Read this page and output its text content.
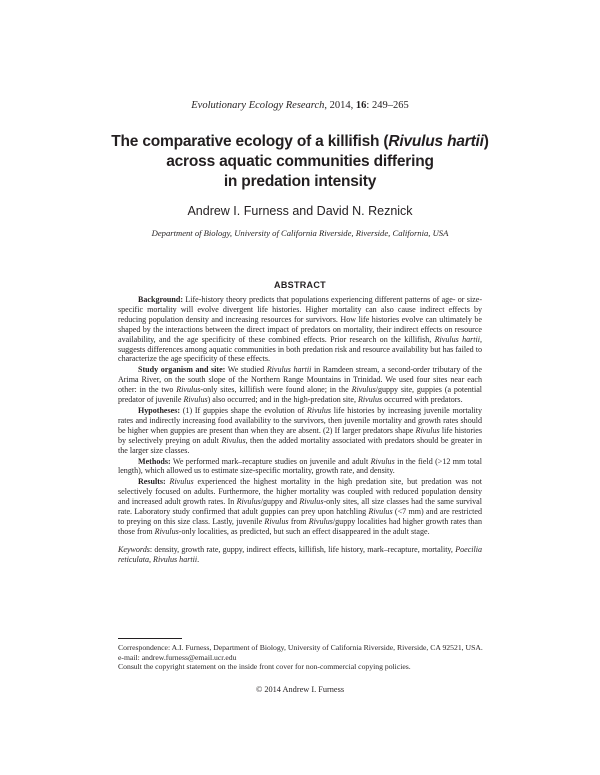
Evolutionary Ecology Research, 2014, 16: 249–265
The comparative ecology of a killifish (Rivulus hartii)
across aquatic communities differing
in predation intensity
Andrew I. Furness and David N. Reznick
Department of Biology, University of California Riverside, Riverside, California, USA
ABSTRACT

Background: Life-history theory predicts that populations experiencing different patterns of age- or size-specific mortality will evolve divergent life histories. Higher mortality can also cause indirect effects by reducing population density and increasing resources for survivors. How life histories evolve can ultimately be shaped by the interactions between the direct impact of predators on mortality, their indirect effects on resource availability, and the age specificity of these combined effects. Prior research on the killifish, Rivulus hartii, suggests differences among aquatic communities in both predation risk and resource availability but has failed to characterize the age specificity of these effects.

Study organism and site: We studied Rivulus hartii in Ramdeen stream, a second-order tributary of the Arima River, on the south slope of the Northern Range Mountains in Trinidad. We used four sites near each other: in the two Rivulus-only sites, killifish were found alone; in the Rivulus/guppy site, guppies (a potential predator of juvenile Rivulus) also occurred; and in the high-predation site, Rivulus occurred with predators.

Hypotheses: (1) If guppies shape the evolution of Rivulus life histories by increasing juvenile mortality rates and indirectly increasing food availability to the survivors, then juvenile mortality and growth rates should be higher when guppies are present than when they are absent. (2) If larger predators shape Rivulus life histories by selectively preying on adult Rivulus, then the added mortality associated with predators should be greater in the larger size classes.

Methods: We performed mark–recapture studies on juvenile and adult Rivulus in the field (>12 mm total length), which allowed us to estimate size-specific mortality, growth rate, and density.

Results: Rivulus experienced the highest mortality in the high predation site, but predation was not selectively focused on adults. Furthermore, the higher mortality was coupled with reduced population density and increased adult growth rates. In Rivulus/guppy and Rivulus-only sites, all size classes had the same survival rate. Laboratory study confirmed that adult guppies can prey upon hatchling Rivulus (<7 mm) and are restricted to preying on this size class. Lastly, juvenile Rivulus from Rivulus/guppy localities had higher growth rates than those from Rivulus-only localities, as predicted, but such an effect disappeared in the adult stage.

Keywords: density, growth rate, guppy, indirect effects, killifish, life history, mark–recapture, mortality, Poecilia reticulata, Rivulus hartii.

Correspondence: A.I. Furness, Department of Biology, University of California Riverside, Riverside, CA 92521, USA. e-mail: andrew.furness@email.ucr.edu
Consult the copyright statement on the inside front cover for non-commercial copying policies.
© 2014 Andrew I. Furness
